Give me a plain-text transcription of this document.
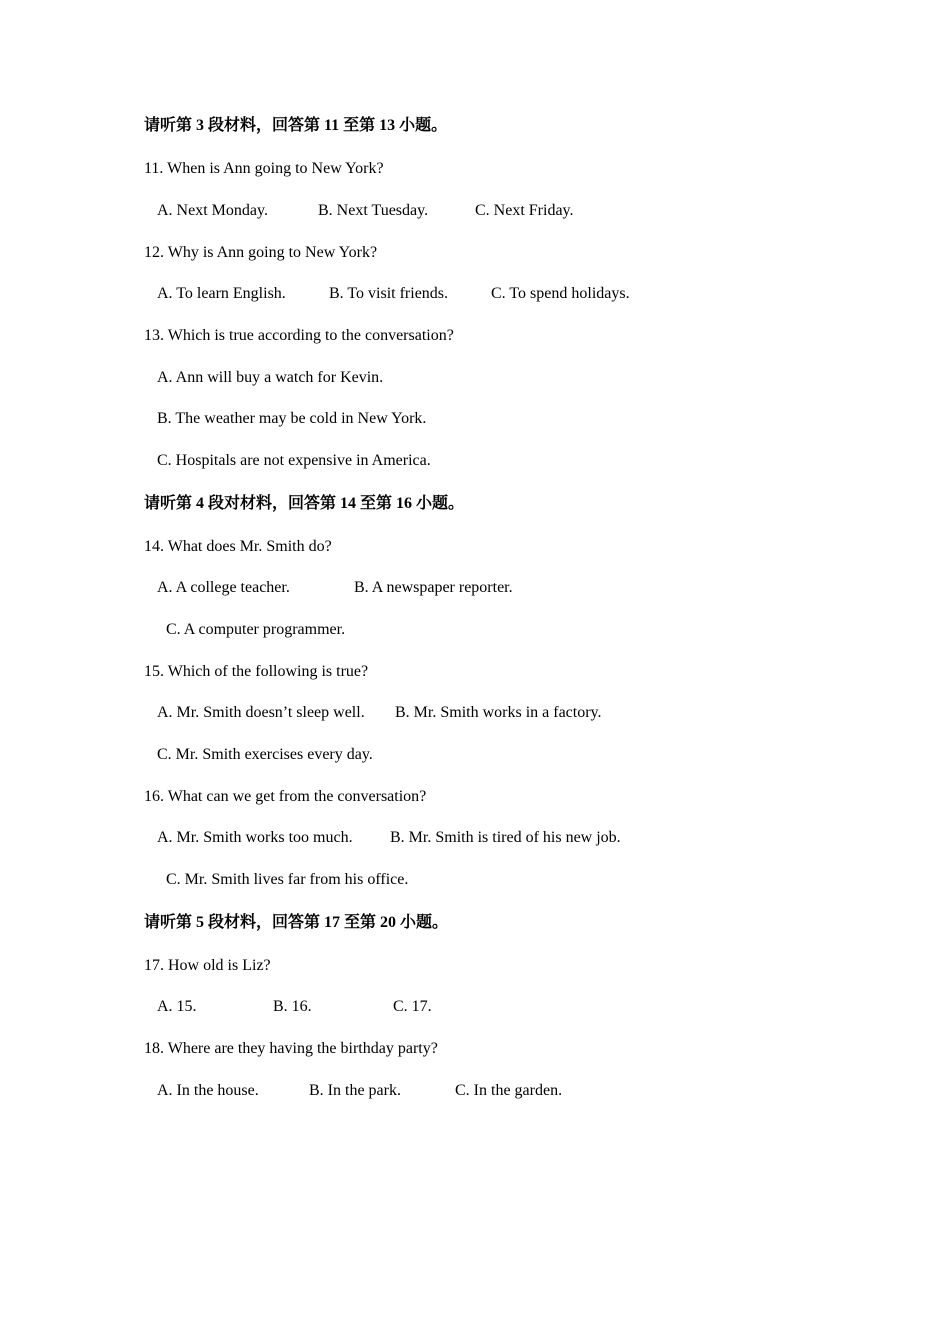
请听第 3 段材料，回答第 11 至第 13 小题。
11. When is Ann going to New York?
A. Next Monday.	B. Next Tuesday.	C. Next Friday.
12. Why is Ann going to New York?
A. To learn English.	B. To visit friends.	C. To spend holidays.
13. Which is true according to the conversation?
A. Ann will buy a watch for Kevin.
B. The weather may be cold in New York.
C. Hospitals are not expensive in America.
请听第 4 段对材料，回答第 14 至第 16 小题。
14. What does Mr. Smith do?
A. A college teacher.	B. A newspaper reporter.
C. A computer programmer.
15. Which of the following is true?
A. Mr. Smith doesn’t sleep well. B. Mr. Smith works in a factory.
C. Mr. Smith exercises every day.
16. What can we get from the conversation?
A. Mr. Smith works too much. B. Mr. Smith is tired of his new job.
C. Mr. Smith lives far from his office.
请听第 5 段材料，回答第 17 至第 20 小题。
17. How old is Liz?
A. 15.	B. 16.	C. 17.
18. Where are they having the birthday party?
A. In the house.	B. In the park.	C. In the garden.
